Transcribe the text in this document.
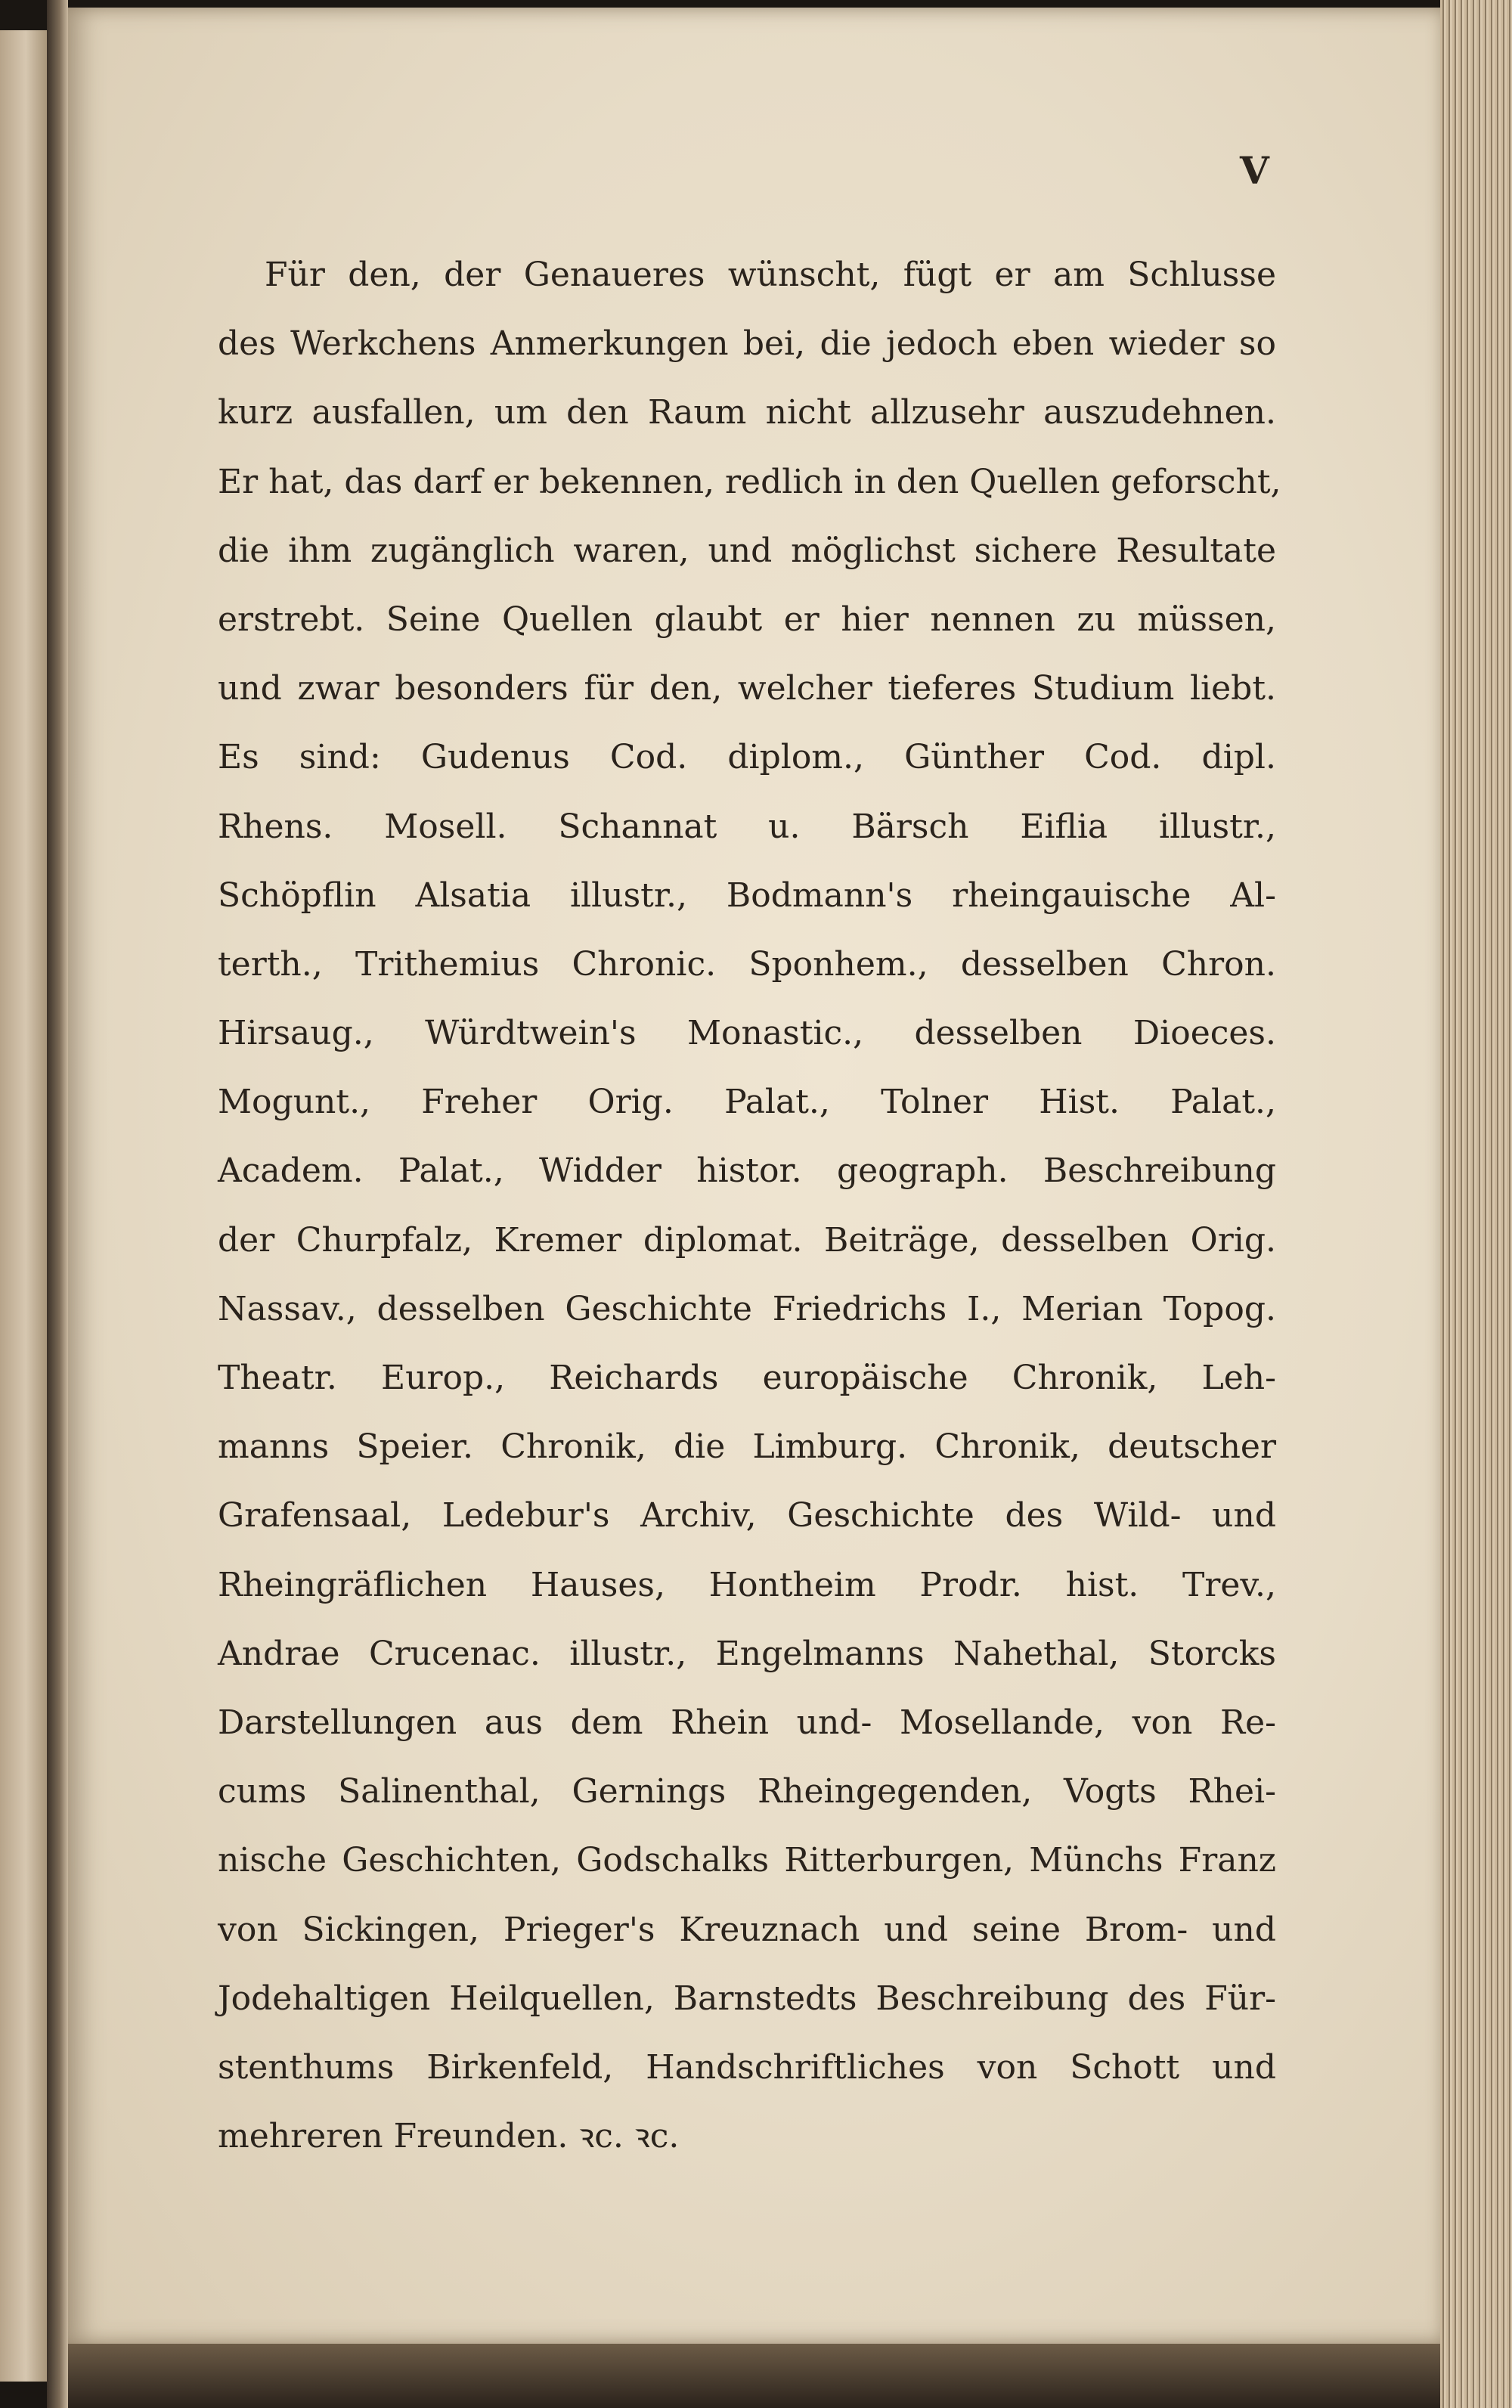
V
Für den, der Genaueres wünscht, fügt er am Schlusse
des Werkchens Anmerkungen bei, die jedoch eben wieder so
kurz ausfallen, um den Raum nicht allzusehr auszudehnen.
Er hat, das darf er bekennen, redlich in den Quellen geforscht,
die ihm zugänglich waren, und möglichst sichere Resultate
erstrebt. Seine Quellen glaubt er hier nennen zu müssen,
und zwar besonders für den, welcher tieferes Studium liebt.
Es sind: Gudenus Cod. diplom., Günther Cod. dipl.
Rhens. Mosell. Schannat u. Bärsch Eiflia illustr.,
Schöpflin Alsatia illustr., Bodmann's rheingauische Al-
terth., Trithemius Chronic. Sponhem., desselben Chron.
Hirsaug., Würdtwein's Monastic., desselben Dioeces.
Mogunt., Freher Orig. Palat., Tolner Hist. Palat.,
Academ. Palat., Widder histor. geograph. Beschreibung
der Churpfalz, Kremer diplomat. Beiträge, desselben Orig.
Nassav., desselben Geschichte Friedrichs I., Merian Topog.
Theatr. Europ., Reichards europäische Chronik, Leh-
manns Speier. Chronik, die Limburg. Chronik, deutscher
Grafensaal, Ledebur's Archiv, Geschichte des Wild- und
Rheingräflichen Hauses, Hontheim Prodr. hist. Trev.,
Andrae Crucenac. illustr., Engelmanns Nahethal, Storcks
Darstellungen aus dem Rhein und- Mosellande, von Re-
cums Salinenthal, Gernings Rheingegenden, Vogts Rhei-
nische Geschichten, Godschalks Ritterburgen, Münchs Franz
von Sickingen, Prieger's Kreuznach und seine Brom- und
Jodehaltigen Heilquellen, Barnstedts Beschreibung des Für-
stenthums Birkenfeld, Handschriftliches von Schott und
mehreren Freunden. ꝛc. ꝛc.
